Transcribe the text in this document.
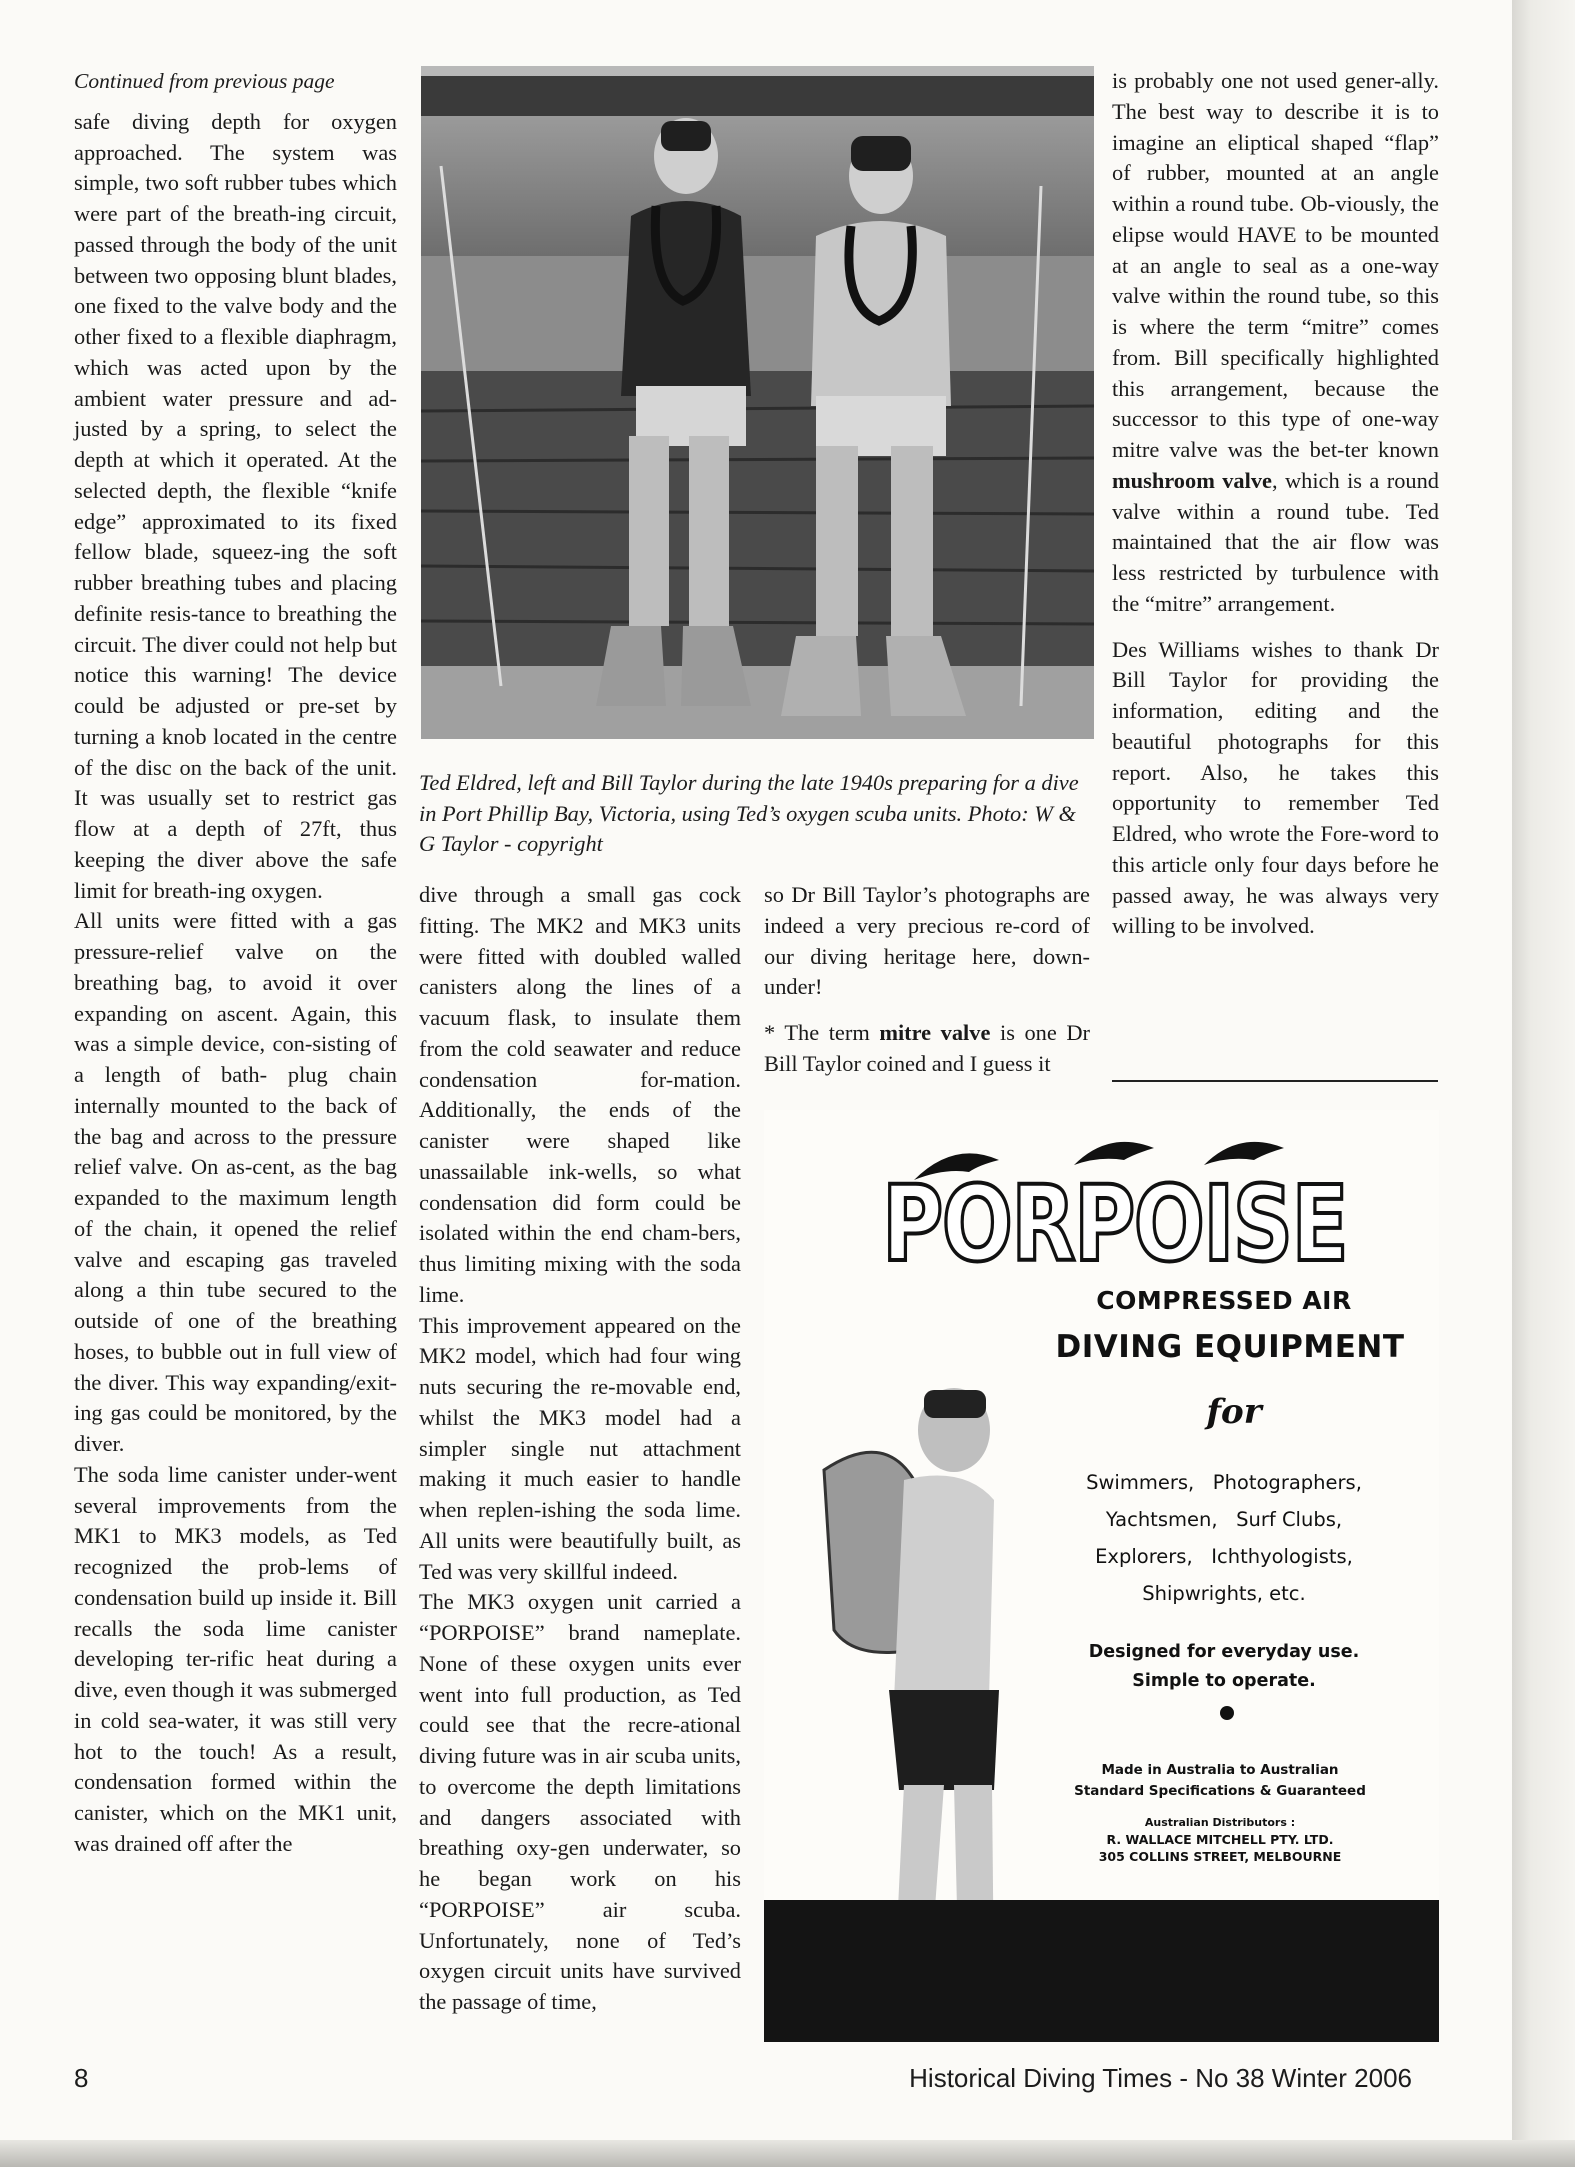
Continued from previous page

safe diving depth for oxygen approached. The system was simple, two soft rubber tubes which were part of the breath-ing circuit, passed through the body of the unit between two opposing blunt blades, one fixed to the valve body and the other fixed to a flexible diaphragm, which was acted upon by the ambient water pressure and ad-justed by a spring, to select the depth at which it operated. At the selected depth, the flexible “knife edge” approximated to its fixed fellow blade, squeez-ing the soft rubber breathing tubes and placing definite resis-tance to breathing the circuit. The diver could not help but notice this warning! The device could be adjusted or pre-set by turning a knob located in the centre of the disc on the back of the unit. It was usually set to restrict gas flow at a depth of 27ft, thus keeping the diver above the safe limit for breath-ing oxygen.

All units were fitted with a gas pressure-relief valve on the breathing bag, to avoid it over expanding on ascent. Again, this was a simple device, con-sisting of a length of bath- plug chain internally mounted to the back of the bag and across to the pressure relief valve. On as-cent, as the bag expanded to the maximum length of the chain, it opened the relief valve and escaping gas traveled along a thin tube secured to the outside of one of the breathing hoses, to bubble out in full view of the diver. This way expanding/exit-ing gas could be monitored, by the diver.

The soda lime canister under-went several improvements from the MK1 to MK3 models, as Ted recognized the prob-lems of condensation build up inside it. Bill recalls the soda lime canister developing ter-rific heat during a dive, even though it was submerged in cold sea-water, it was still very hot to the touch! As a result, condensation formed within the canister, which on the MK1 unit, was drained off after the

Ted Eldred, left and Bill Taylor during the late 1940s preparing for a dive in Port Phillip Bay, Victoria, using Ted’s oxygen scuba units. Photo: W & G Taylor - copyright

dive through a small gas cock fitting. The MK2 and MK3 units were fitted with doubled walled canisters along the lines of a vacuum flask, to insulate them from the cold seawater and reduce condensation for-mation. Additionally, the ends of the canister were shaped like unassailable ink-wells, so what condensation did form could be isolated within the end cham-bers, thus limiting mixing with the soda lime.

This improvement appeared on the MK2 model, which had four wing nuts securing the re-movable end, whilst the MK3 model had a simpler single nut attachment making it much easier to handle when replen-ishing the soda lime. All units were beautifully built, as Ted was very skillful indeed.

The MK3 oxygen unit carried a “PORPOISE” brand nameplate. None of these oxygen units ever went into full production, as Ted could see that the recre-ational diving future was in air scuba units, to overcome the depth limitations and dangers associated with breathing oxy-gen underwater, so he began work on his “PORPOISE” air scuba. Unfortunately, none of Ted’s oxygen circuit units have survived the passage of time,

so Dr Bill Taylor’s photographs are indeed a very precious re-cord of our diving heritage here, down-under!

* The term mitre valve is one Dr Bill Taylor coined and I guess it

is probably one not used gener-ally. The best way to describe it is to imagine an eliptical shaped “flap” of rubber, mounted at an angle within a round tube. Ob-viously, the elipse would HAVE to be mounted at an angle to seal as a one-way valve within the round tube, so this is where the term “mitre” comes from. Bill specifically highlighted this arrangement, because the successor to this type of one-way mitre valve was the bet-ter known mushroom valve, which is a round valve within a round tube. Ted maintained that the air flow was less restricted by turbulence with the “mitre” arrangement.

Des Williams wishes to thank Dr Bill Taylor for providing the information, editing and the beautiful photographs for this report. Also, he takes this opportunity to remember Ted Eldred, who wrote the Fore-word to this article only four days before he passed away, he was always very willing to be involved.

PORPOISE
COMPRESSED AIR
DIVING EQUIPMENT
for
Swimmers,   Photographers,
Yachtsmen,   Surf Clubs,
Explorers,   Ichthyologists,
Shipwrights, etc.
Designed for everyday use.
Simple to operate.
Made in Australia to Australian
Standard Specifications & Guaranteed
Australian Distributors :
R. WALLACE MITCHELL PTY. LTD.
305 COLLINS STREET, MELBOURNE
8	Historical Diving Times - No 38 Winter 2006
